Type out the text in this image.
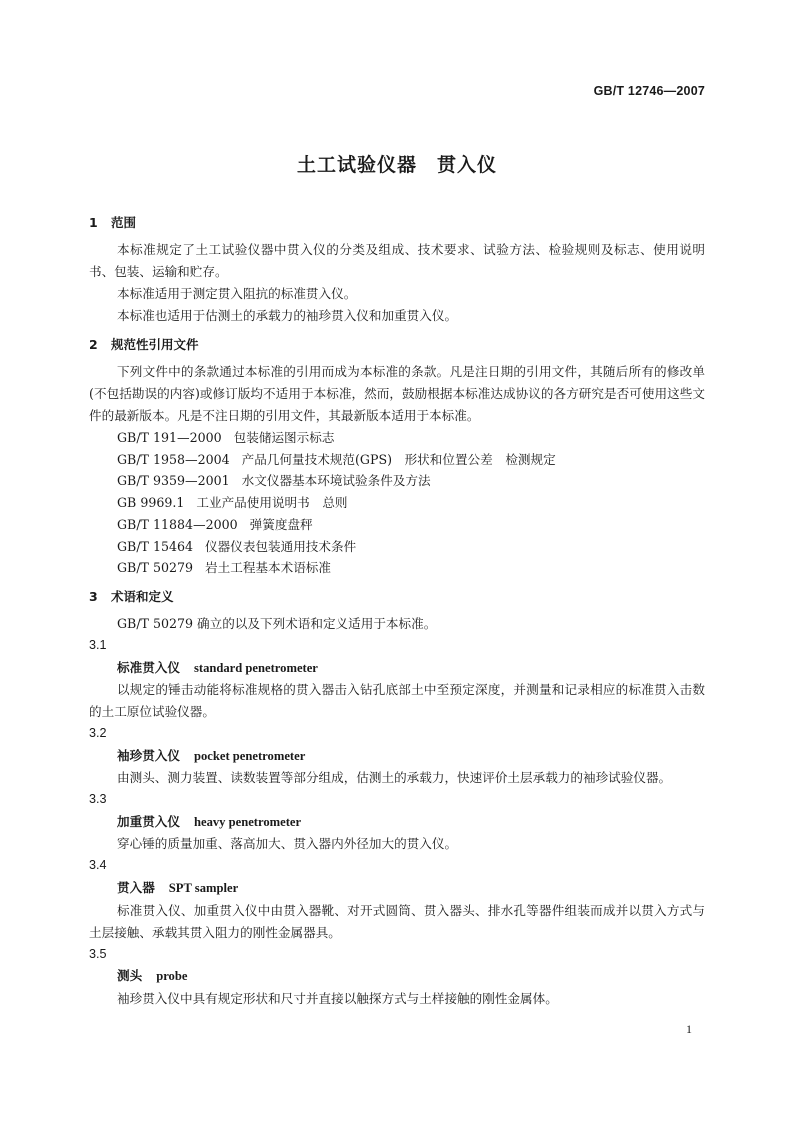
GB/T 12746—2007
土工试验仪器　贯入仪
1 范围

本标准规定了土工试验仪器中贯入仪的分类及组成、技术要求、试验方法、检验规则及标志、使用说明书、包装、运输和贮存。

本标准适用于测定贯入阻抗的标准贯入仪。

本标准也适用于估测土的承载力的袖珍贯入仪和加重贯入仪。

2 规范性引用文件

下列文件中的条款通过本标准的引用而成为本标准的条款。凡是注日期的引用文件，其随后所有的修改单(不包括勘误的内容)或修订版均不适用于本标准，然而，鼓励根据本标准达成协议的各方研究是否可使用这些文件的最新版本。凡是不注日期的引用文件，其最新版本适用于本标准。

GB/T 191—2000 包装储运图示标志
GB/T 1958—2004 产品几何量技术规范(GPS)　形状和位置公差　检测规定
GB/T 9359—2001 水文仪器基本环境试验条件及方法
GB 9969.1 工业产品使用说明书　总则
GB/T 11884—2000 弹簧度盘秤
GB/T 15464 仪器仪表包装通用技术条件
GB/T 50279 岩土工程基本术语标准
3 术语和定义

GB/T 50279 确立的以及下列术语和定义适用于本标准。

3.1
标准贯入仪 standard penetrometer

以规定的锤击动能将标准规格的贯入器击入钻孔底部土中至预定深度，并测量和记录相应的标准贯入击数的土工原位试验仪器。

3.2
袖珍贯入仪 pocket penetrometer

由测头、测力装置、读数装置等部分组成，估测土的承载力，快速评价土层承载力的袖珍试验仪器。

3.3
加重贯入仪 heavy penetrometer

穿心锤的质量加重、落高加大、贯入器内外径加大的贯入仪。

3.4
贯入器 SPT sampler

标准贯入仪、加重贯入仪中由贯入器靴、对开式圆筒、贯入器头、排水孔等器件组装而成并以贯入方式与土层接触、承载其贯入阻力的刚性金属器具。

3.5
测头 probe

袖珍贯入仪中具有规定形状和尺寸并直接以触探方式与土样接触的刚性金属体。

1
